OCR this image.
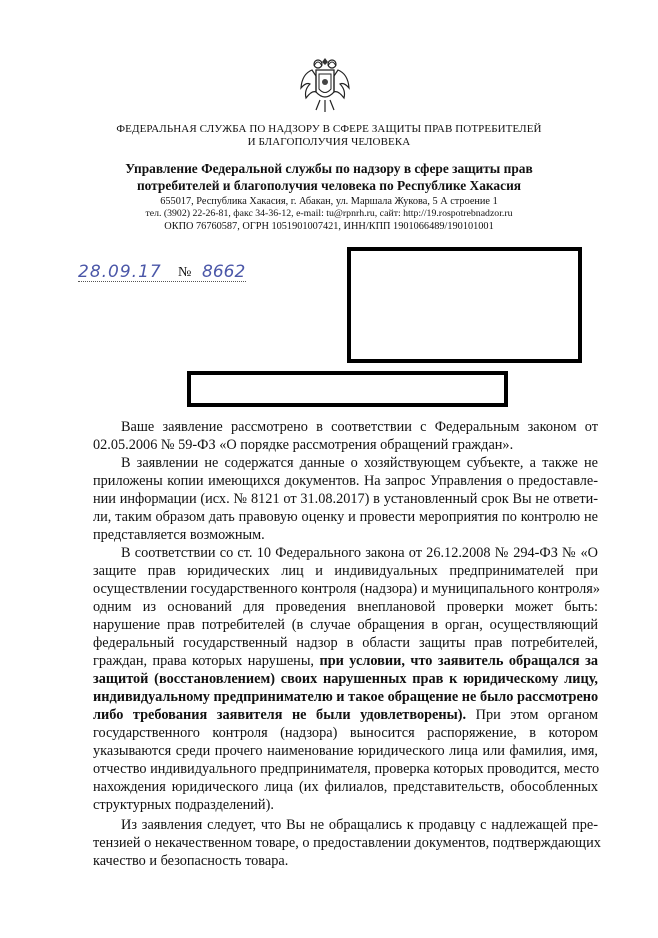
ФЕДЕРАЛЬНАЯ СЛУЖБА ПО НАДЗОРУ В СФЕРЕ ЗАЩИТЫ ПРАВ ПОТРЕБИТЕЛЕЙ
И БЛАГОПОЛУЧИЯ ЧЕЛОВЕКА
Управление Федеральной службы по надзору в сфере защиты прав
потребителей и благополучия человека по Республике Хакасия
655017, Республика Хакасия, г. Абакан, ул. Маршала Жукова, 5 А строение 1
тел. (3902) 22-26-81, факс 34-36-12, e-mail: tu@rpnrh.ru, сайт: http://19.rospotrebnadzor.ru
ОКПО 76760587, ОГРН 1051901007421, ИНН/КПП 1901066489/190101001
28.09.17 № 8662
Ваше заявление рассмотрено в соответствии с Федеральным законом от
02.05.2006 № 59-ФЗ «О порядке рассмотрения обращений граждан».
В заявлении не содержатся данные о хозяйствующем субъекте, а также не
приложены копии имеющихся документов. На запрос Управления о предоставле-
нии информации (исх. № 8121 от 31.08.2017) в установленный срок Вы не ответи-
ли, таким образом дать правовую оценку и провести мероприятия по контролю не
представляется возможным.
В соответствии со ст. 10 Федерального закона от 26.12.2008 № 294-ФЗ № «О
защите прав юридических лиц и индивидуальных предпринимателей при
осуществлении государственного контроля (надзора) и муниципального контроля»
одним из оснований для проведения внеплановой проверки может быть:
нарушение прав потребителей (в случае обращения в орган, осуществляющий
федеральный государственный надзор в области защиты прав потребителей,
граждан, права которых нарушены, при условии, что заявитель обращался за
защитой (восстановлением) своих нарушенных прав к юридическому лицу,
индивидуальному предпринимателю и такое обращение не было рассмотрено
либо требования заявителя не были удовлетворены). При этом органом
государственного контроля (надзора) выносится распоряжение, в котором
указываются среди прочего наименование юридического лица или фамилия, имя,
отчество индивидуального предпринимателя, проверка которых проводится, место
нахождения юридического лица (их филиалов, представительств, обособленных
структурных подразделений).
Из заявления следует, что Вы не обращались к продавцу с надлежащей пре-
тензией о некачественном товаре, о предоставлении документов, подтверждающих
качество и безопасность товара.
